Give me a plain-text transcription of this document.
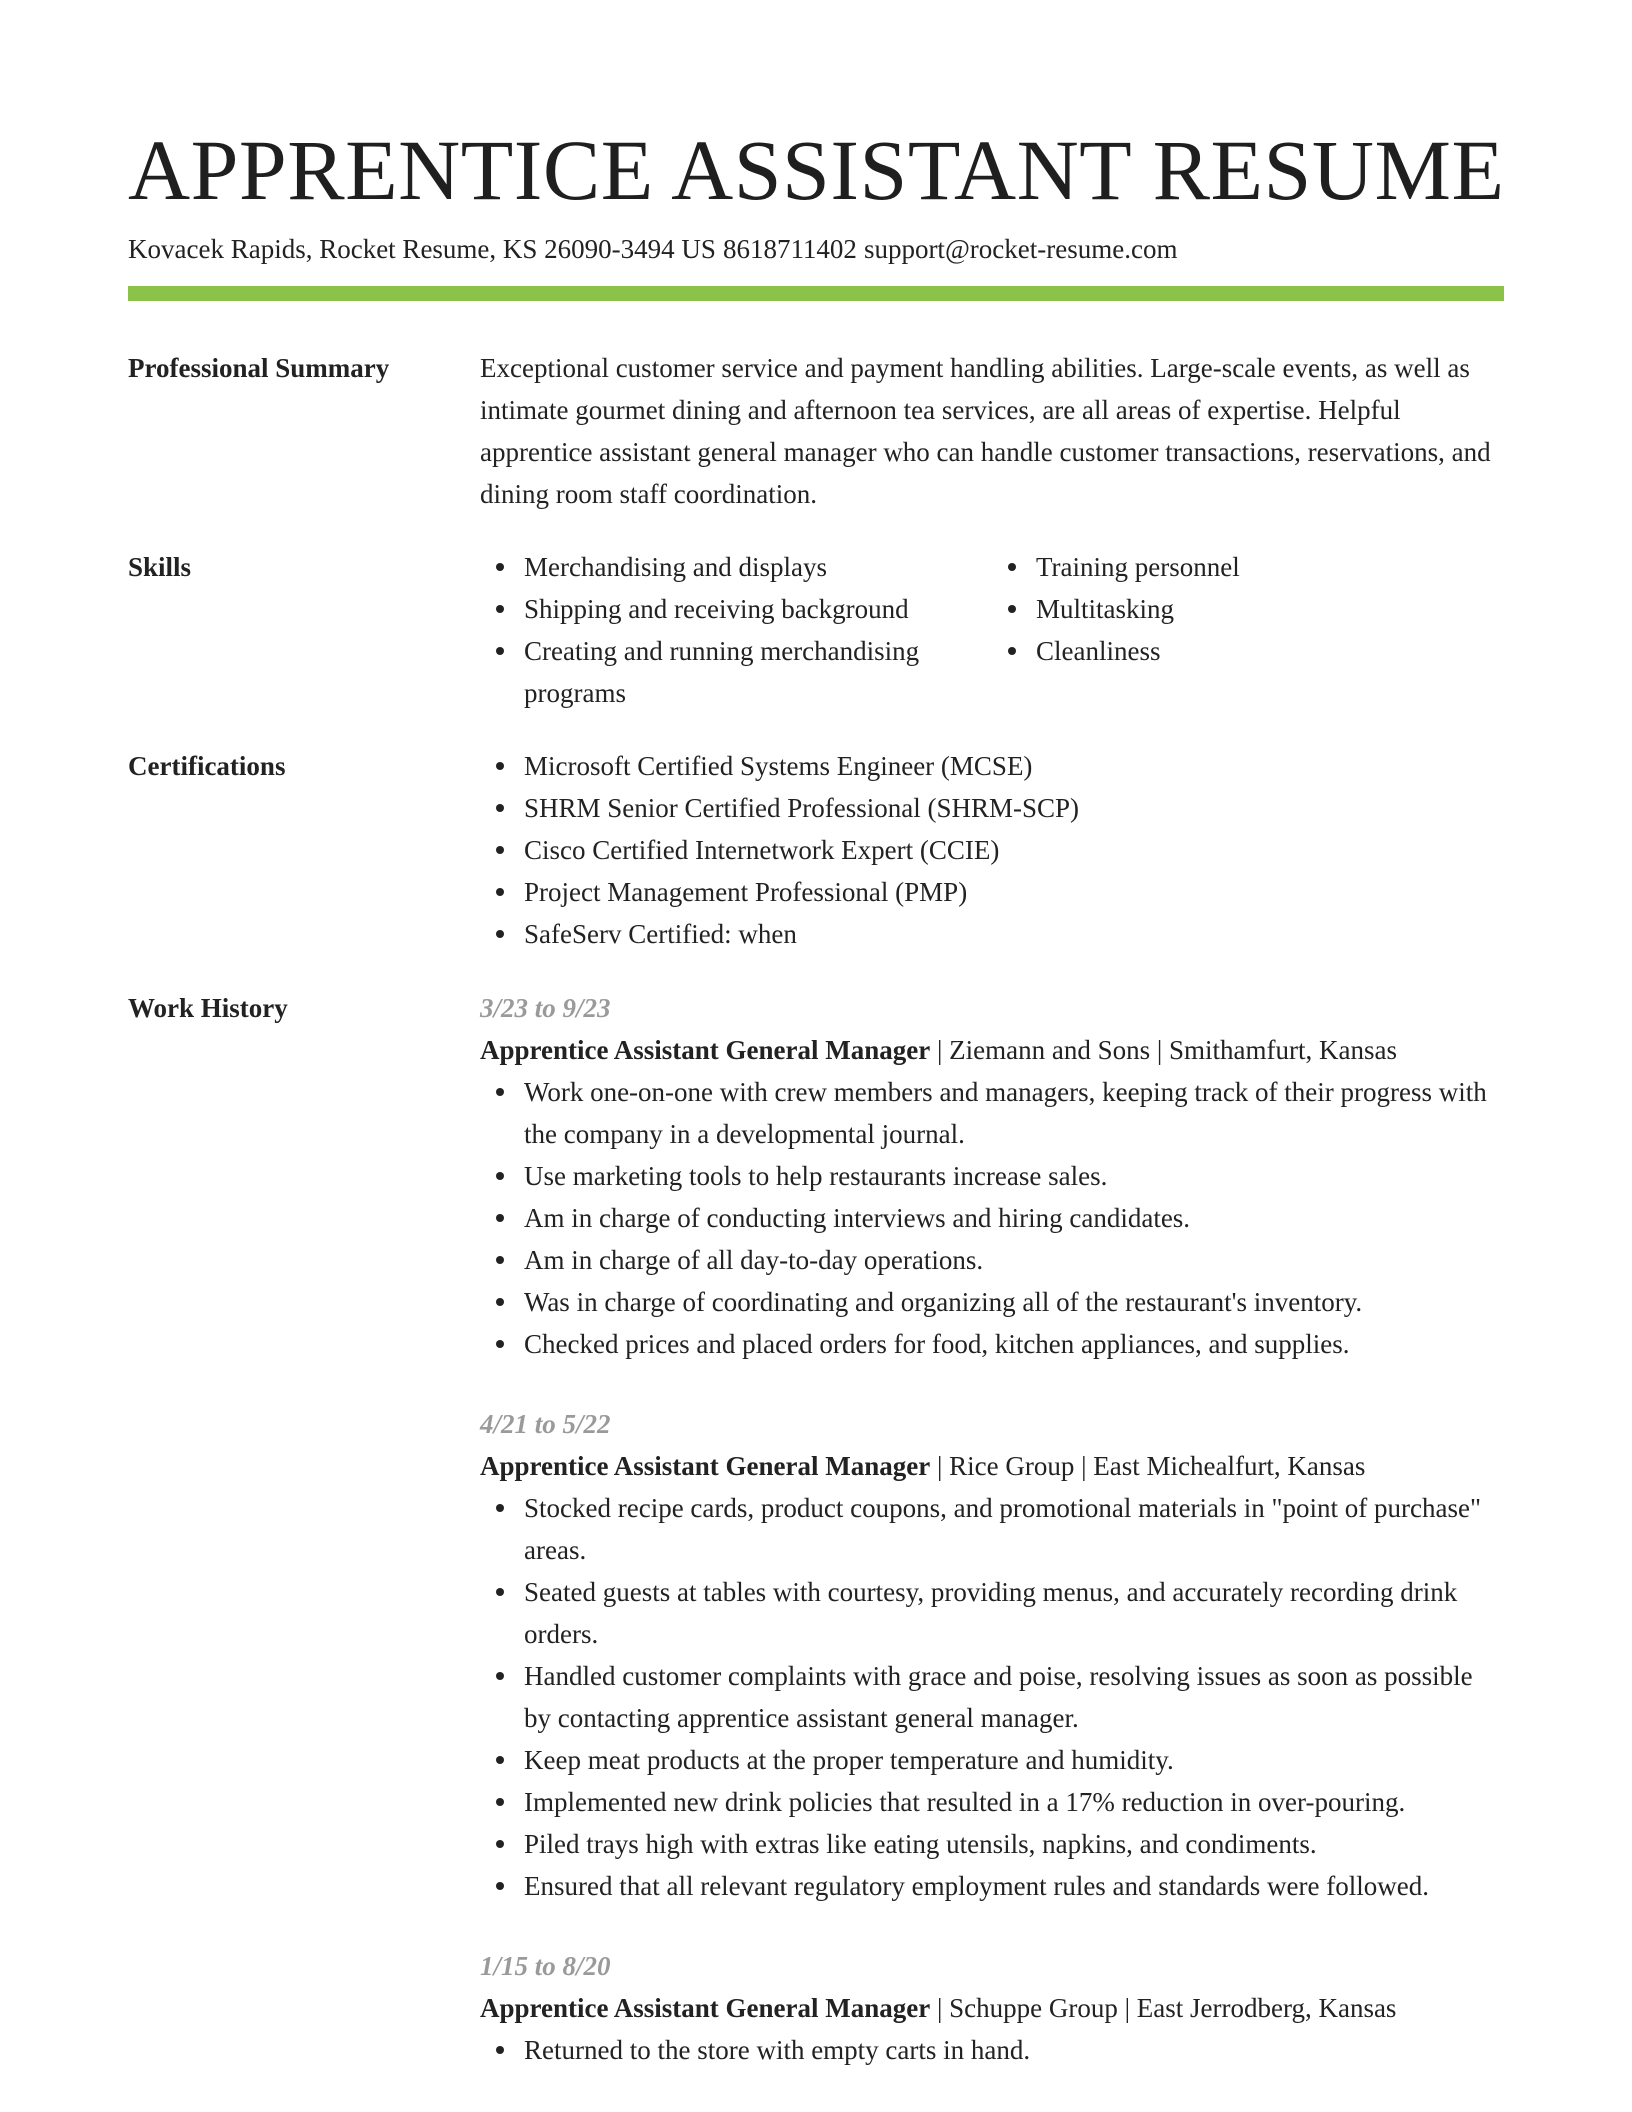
APPRENTICE ASSISTANT RESUME
Kovacek Rapids, Rocket Resume, KS 26090-3494 US 8618711402 support@rocket-resume.com
Professional Summary	Exceptional customer service and payment handling abilities. Large-scale events, as well as intimate gourmet dining and afternoon tea services, are all areas of expertise. Helpful apprentice assistant general manager who can handle customer transactions, reservations, and dining room staff coordination.

Skills	Merchandising and displays
Shipping and receiving background
Creating and running merchandising programs
Training personnel
Multitasking
Cleanliness
Certifications	Microsoft Certified Systems Engineer (MCSE)
SHRM Senior Certified Professional (SHRM-SCP)
Cisco Certified Internetwork Expert (CCIE)
Project Management Professional (PMP)
SafeServ Certified: when
Work History	3/23 to 9/23
Apprentice Assistant General Manager | Ziemann and Sons | Smithamfurt, Kansas
Work one-on-one with crew members and managers, keeping track of their progress with the company in a developmental journal.
Use marketing tools to help restaurants increase sales.
Am in charge of conducting interviews and hiring candidates.
Am in charge of all day-to-day operations.
Was in charge of coordinating and organizing all of the restaurant's inventory.
Checked prices and placed orders for food, kitchen appliances, and supplies.
4/21 to 5/22
Apprentice Assistant General Manager | Rice Group | East Michealfurt, Kansas
Stocked recipe cards, product coupons, and promotional materials in "point of purchase" areas.
Seated guests at tables with courtesy, providing menus, and accurately recording drink orders.
Handled customer complaints with grace and poise, resolving issues as soon as possible by contacting apprentice assistant general manager.
Keep meat products at the proper temperature and humidity.
Implemented new drink policies that resulted in a 17% reduction in over-pouring.
Piled trays high with extras like eating utensils, napkins, and condiments.
Ensured that all relevant regulatory employment rules and standards were followed.
1/15 to 8/20
Apprentice Assistant General Manager | Schuppe Group | East Jerrodberg, Kansas
Returned to the store with empty carts in hand.
